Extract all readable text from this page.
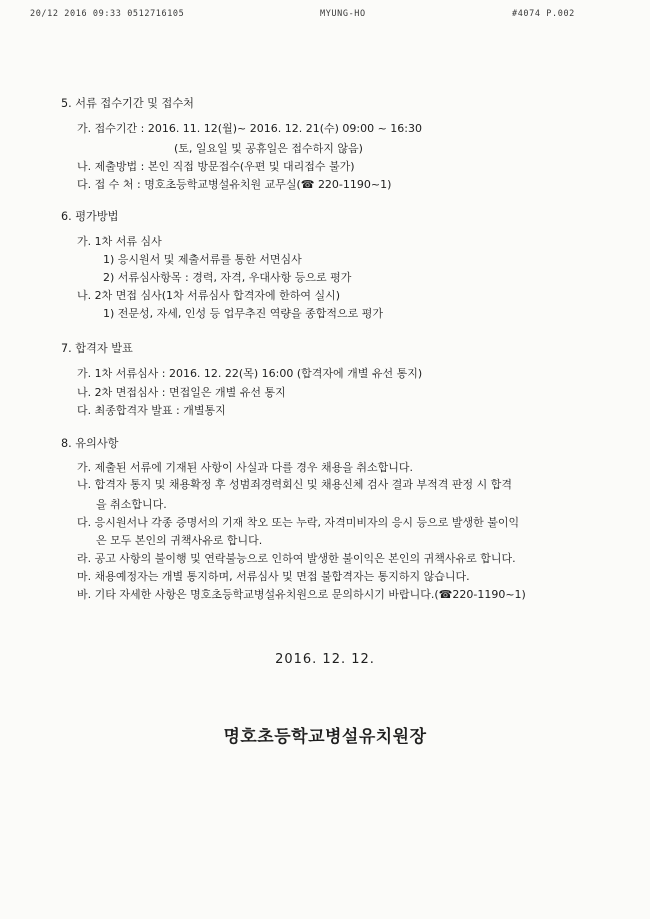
20/12 2016 09:33 0512716105	MYUNG-HO	#4074 P.002
5. 서류 접수기간 및 접수처
가. 접수기간 : 2016. 11. 12(월)~ 2016. 12. 21(수) 09:00 ~ 16:30
(토, 일요일 및 공휴일은 접수하지 않음)
나. 제출방법 : 본인 직접 방문접수(우편 및 대리접수 불가)
다. 접 수 처 : 명호초등학교병설유치원 교무실(☎ 220-1190~1)
6. 평가방법
가. 1차 서류 심사
1) 응시원서 및 제출서류를 통한 서면심사
2) 서류심사항목 : 경력, 자격, 우대사항 등으로 평가
나. 2차 면접 심사(1차 서류심사 합격자에 한하여 실시)
1) 전문성, 자세, 인성 등 업무추진 역량을 종합적으로 평가
7. 합격자 발표
가. 1차 서류심사 : 2016. 12. 22(목) 16:00 (합격자에 개별 유선 통지)
나. 2차 면접심사 : 면접일은 개별 유선 통지
다. 최종합격자 발표 : 개별통지
8. 유의사항
가. 제출된 서류에 기재된 사항이 사실과 다를 경우 채용을 취소합니다.
나. 합격자 통지 및 채용확정 후 성범죄경력회신 및 채용신체 검사 결과 부적격 판정 시 합격
을 취소합니다.
다. 응시원서나 각종 증명서의 기재 착오 또는 누락, 자격미비자의 응시 등으로 발생한 불이익
은 모두 본인의 귀책사유로 합니다.
라. 공고 사항의 불이행 및 연락불능으로 인하여 발생한 불이익은 본인의 귀책사유로 합니다.
마. 채용예정자는 개별 통지하며, 서류심사 및 면접 불합격자는 통지하지 않습니다.
바. 기타 자세한 사항은 명호초등학교병설유치원으로 문의하시기 바랍니다.(☎220-1190~1)
2016. 12. 12.
명호초등학교병설유치원장
